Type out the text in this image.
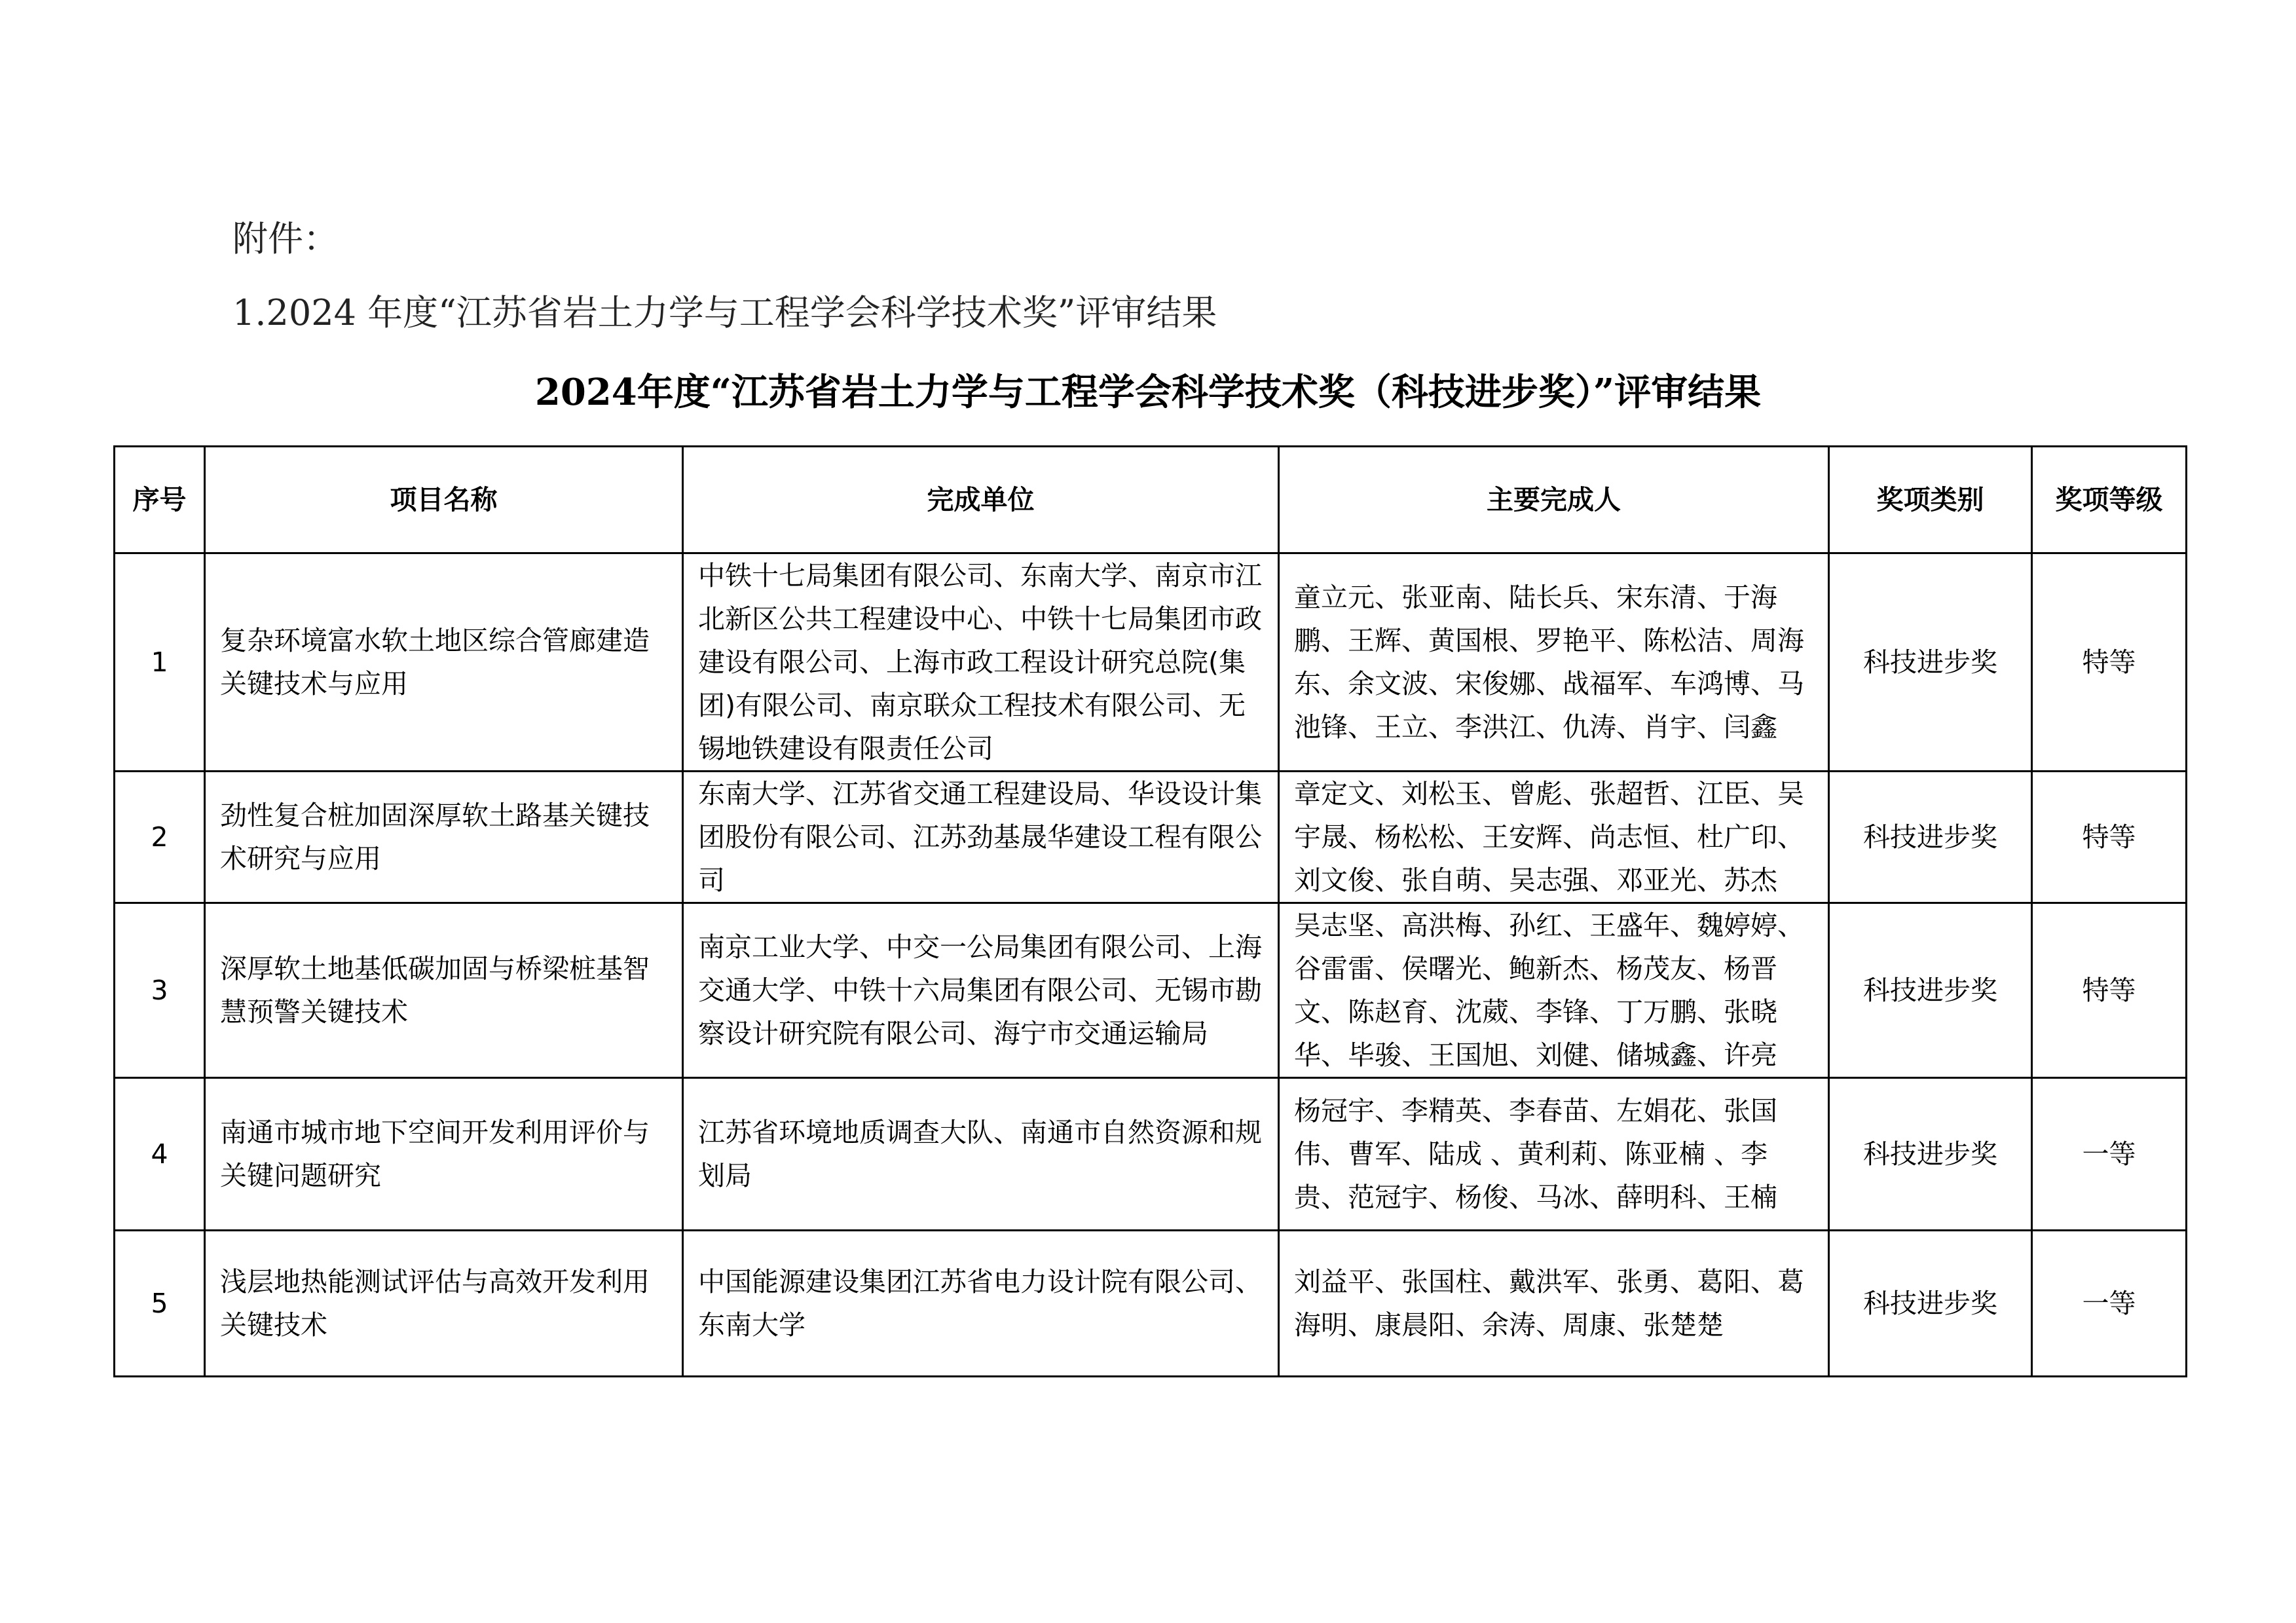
附件：
1.2024 年度“江苏省岩土力学与工程学会科学技术奖”评审结果
2024年度“江苏省岩土力学与工程学会科学技术奖（科技进步奖）”评审结果
序号	项目名称	完成单位	主要完成人	奖项类别	奖项等级
1	复杂环境富水软土地区综合管廊建造关键技术与应用	中铁十七局集团有限公司、东南大学、南京市江北新区公共工程建设中心、中铁十七局集团市政建设有限公司、上海市政工程设计研究总院(集团)有限公司、南京联众工程技术有限公司、无锡地铁建设有限责任公司	童立元、张亚南、陆长兵、宋东清、于海鹏、王辉、黄国根、罗艳平、陈松洁、周海东、余文波、宋俊娜、战福军、车鸿博、马池锋、王立、李洪江、仇涛、肖宇、闫鑫	科技进步奖	特等
2	劲性复合桩加固深厚软土路基关键技术研究与应用	东南大学、江苏省交通工程建设局、华设设计集团股份有限公司、江苏劲基晟华建设工程有限公司	章定文、刘松玉、曾彪、张超哲、江臣、吴宇晟、杨松松、王安辉、尚志恒、杜广印、刘文俊、张自萌、吴志强、邓亚光、苏杰	科技进步奖	特等
3	深厚软土地基低碳加固与桥梁桩基智慧预警关键技术	南京工业大学、中交一公局集团有限公司、上海交通大学、中铁十六局集团有限公司、无锡市勘察设计研究院有限公司、海宁市交通运输局	吴志坚、高洪梅、孙红、王盛年、魏婷婷、谷雷雷、侯曙光、鲍新杰、杨茂友、杨晋文、陈赵育、沈葳、李锋、丁万鹏、张晓华、毕骏、王国旭、刘健、储城鑫、许亮	科技进步奖	特等
4	南通市城市地下空间开发利用评价与关键问题研究	江苏省环境地质调查大队、南通市自然资源和规划局	杨冠宇、李精英、李春苗、左娟花、张国伟、曹军、陆成 、黄利莉、陈亚楠 、李贵、范冠宇、杨俊、马冰、薛明科、王楠	科技进步奖	一等
5	浅层地热能测试评估与高效开发利用关键技术	中国能源建设集团江苏省电力设计院有限公司、东南大学	刘益平、张国柱、戴洪军、张勇、葛阳、葛海明、康晨阳、余涛、周康、张楚楚	科技进步奖	一等
